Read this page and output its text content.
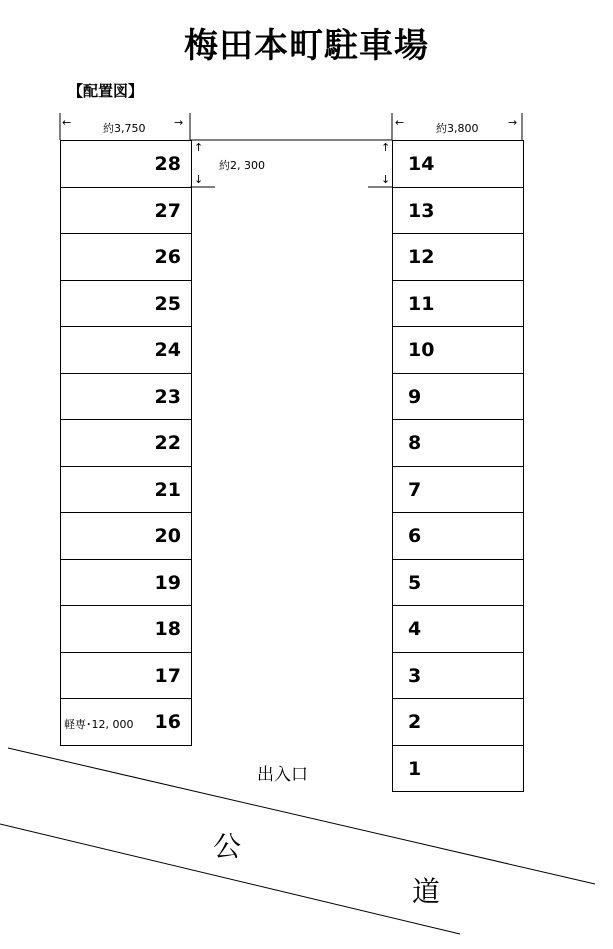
梅田本町駐車場
【配置図】
←	約3,750	→	←	約3,800	→
↑
↓
約2, 300
↑
↓
28
27
26
25
24
23
22
21
20
19
18
17
軽専･12, 000 16
14
13
12
11
10
9
8
7
6
5
4
3
2
1
出入口
公
道
